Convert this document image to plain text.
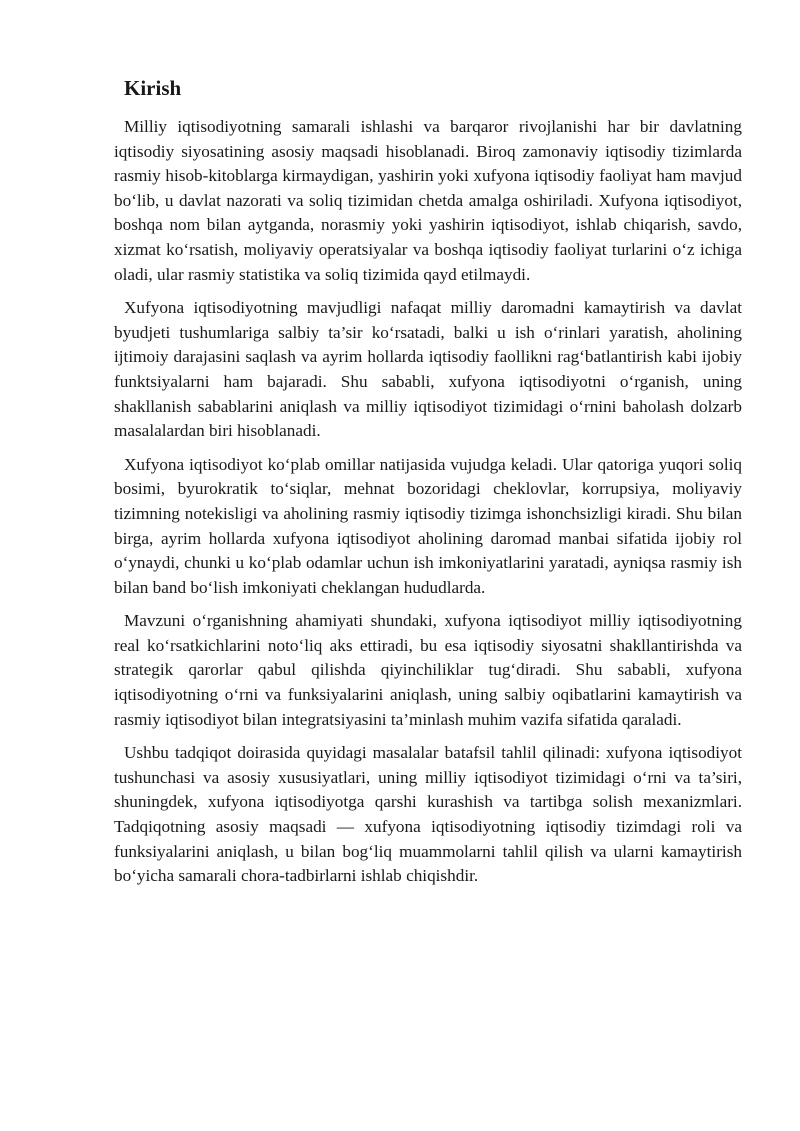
Kirish

Milliy iqtisodiyotning samarali ishlashi va barqaror rivojlanishi har bir davlatning iqtisodiy siyosatining asosiy maqsadi hisoblanadi. Biroq zamonaviy iqtisodiy tizimlarda rasmiy hisob-kitoblarga kirmaydigan, yashirin yoki xufyona iqtisodiy faoliyat ham mavjud bo‘lib, u davlat nazorati va soliq tizimidan chetda amalga oshiriladi. Xufyona iqtisodiyot, boshqa nom bilan aytganda, norasmiy yoki yashirin iqtisodiyot, ishlab chiqarish, savdo, xizmat ko‘rsatish, moliyaviy operatsiyalar va boshqa iqtisodiy faoliyat turlarini o‘z ichiga oladi, ular rasmiy statistika va soliq tizimida qayd etilmaydi.

Xufyona iqtisodiyotning mavjudligi nafaqat milliy daromadni kamaytirish va davlat byudjeti tushumlariga salbiy ta’sir ko‘rsatadi, balki u ish o‘rinlari yaratish, aholining ijtimoiy darajasini saqlash va ayrim hollarda iqtisodiy faollikni rag‘batlantirish kabi ijobiy funktsiyalarni ham bajaradi. Shu sababli, xufyona iqtisodiyotni o‘rganish, uning shakllanish sabablarini aniqlash va milliy iqtisodiyot tizimidagi o‘rnini baholash dolzarb masalalardan biri hisoblanadi.

Xufyona iqtisodiyot ko‘plab omillar natijasida vujudga keladi. Ular qatoriga yuqori soliq bosimi, byurokratik to‘siqlar, mehnat bozoridagi cheklovlar, korrupsiya, moliyaviy tizimning notekisligi va aholining rasmiy iqtisodiy tizimga ishonchsizligi kiradi. Shu bilan birga, ayrim hollarda xufyona iqtisodiyot aholining daromad manbai sifatida ijobiy rol o‘ynaydi, chunki u ko‘plab odamlar uchun ish imkoniyatlarini yaratadi, ayniqsa rasmiy ish bilan band bo‘lish imkoniyati cheklangan hududlarda.

Mavzuni o‘rganishning ahamiyati shundaki, xufyona iqtisodiyot milliy iqtisodiyotning real ko‘rsatkichlarini noto‘liq aks ettiradi, bu esa iqtisodiy siyosatni shakllantirishda va strategik qarorlar qabul qilishda qiyinchiliklar tug‘diradi. Shu sababli, xufyona iqtisodiyotning o‘rni va funksiyalarini aniqlash, uning salbiy oqibatlarini kamaytirish va rasmiy iqtisodiyot bilan integratsiyasini ta’minlash muhim vazifa sifatida qaraladi.

Ushbu tadqiqot doirasida quyidagi masalalar batafsil tahlil qilinadi: xufyona iqtisodiyot tushunchasi va asosiy xususiyatlari, uning milliy iqtisodiyot tizimidagi o‘rni va ta’siri, shuningdek, xufyona iqtisodiyotga qarshi kurashish va tartibga solish mexanizmlari. Tadqiqotning asosiy maqsadi — xufyona iqtisodiyotning iqtisodiy tizimdagi roli va funksiyalarini aniqlash, u bilan bog‘liq muammolarni tahlil qilish va ularni kamaytirish bo‘yicha samarali chora-tadbirlarni ishlab chiqishdir.
